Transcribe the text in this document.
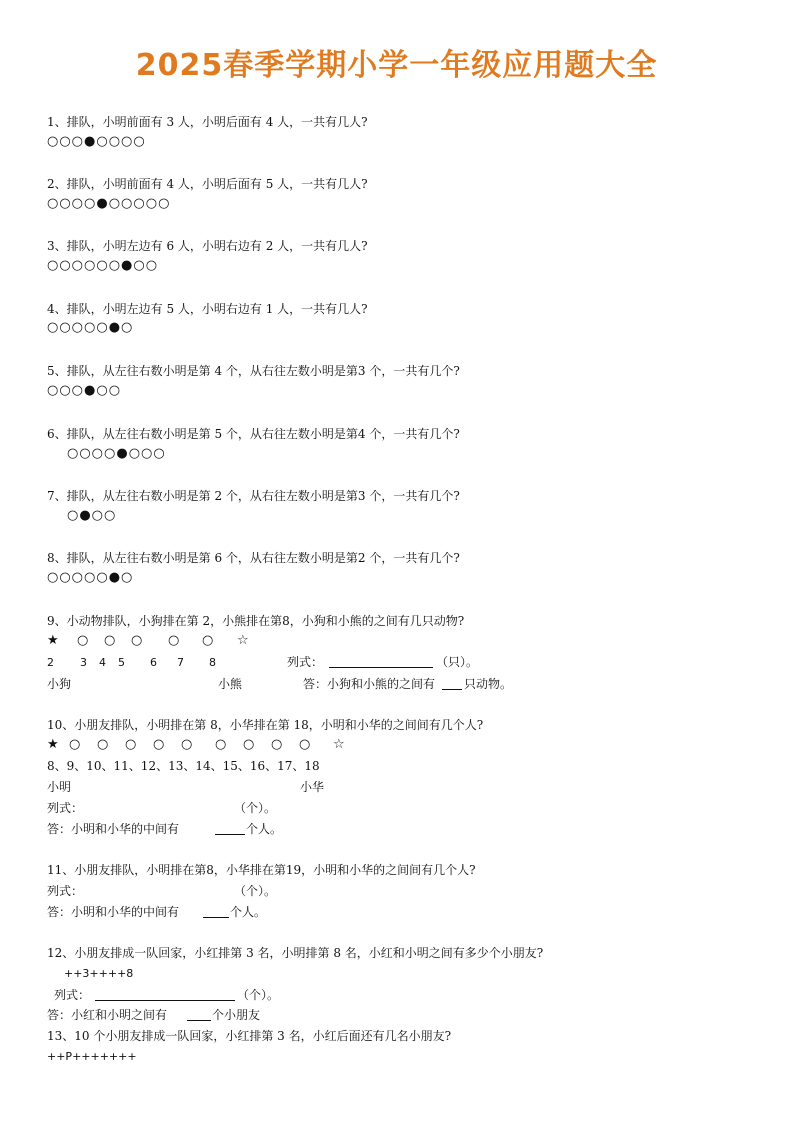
2025春季学期小学一年级应用题大全
1、排队，小明前面有 3 人，小明后面有 4 人，一共有几人?
○○○●○○○○
2、排队，小明前面有 4 人，小明后面有 5 人，一共有几人?
○○○○●○○○○○
3、排队，小明左边有 6 人，小明右边有 2 人，一共有几人?
○○○○○○●○○
4、排队，小明左边有 5 人，小明右边有 1 人，一共有几人?
○○○○○●○
5、排队，从左往右数小明是第 4 个，从右往左数小明是第3 个，一共有几个?
○○○●○○
6、排队，从左往右数小明是第 5 个，从右往左数小明是第4 个，一共有几个?
○○○○●○○○
7、排队，从左往右数小明是第 2 个，从右往左数小明是第3 个，一共有几个?
○●○○
8、排队，从左往右数小明是第 6 个，从右往左数小明是第2 个，一共有几个?
○○○○○●○
9、小动物排队，小狗排在第 2，小熊排在第8，小狗和小熊的之间有几只动物?
★ ○ ○ ○ ○ ○ ☆
2 3 4 5 6 7 8	列式：	（只）。
小狗	小熊	答：小狗和小熊的之间有 只动物。
10、小朋友排队，小明排在第 8，小华排在第 18，小明和小华的之间间有几个人?
★ ○ ○ ○ ○ ○ ○ ○ ○ ○ ☆
8、9、10、11、12、13、14、15、16、17、18
小明	小华
列式：	（个）。
答：小明和小华的中间有	个人。
11、小朋友排队，小明排在第8，小华排在第19，小明和小华的之间间有几个人?
列式：	（个）。
答：小明和小华的中间有	个人。
12、小朋友排成一队回家，小红排第 3 名，小明排第 8 名，小红和小明之间有多少个小朋友?
++3++++8
列式：	（个）。
答：小红和小明之间有	个小朋友
13、10 个小朋友排成一队回家，小红排第 3 名，小红后面还有几名小朋友?
++P+++++++
